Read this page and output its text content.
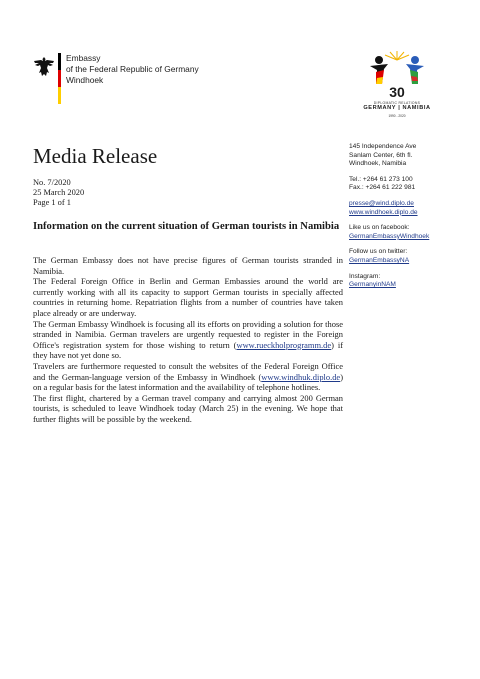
Embassy
of the Federal Republic of Germany
Windhoek
30
DIPLOMATIC RELATIONS
GERMANY | NAMIBIA
1990 - 2020
Media Release
No. 7/2020
25 March 2020
Page 1 of 1
Information on the current situation of German tourists in Namibia

The German Embassy does not have precise figures of German tourists stranded in Namibia.

The Federal Foreign Office in Berlin and German Embassies around the world are currently working with all its capacity to support German tourists in specially affected countries in returning home. Repatriation flights from a number of countries have taken place already or are underway.

The German Embassy Windhoek is focusing all its efforts on providing a solution for those stranded in Namibia. German travelers are urgently requested to register in the Foreign Office's registration system for those wishing to return (www.rueckholprogramm.de) if they have not yet done so.

Travelers are furthermore requested to consult the websites of the Federal Foreign Office and the German-language version of the Embassy in Windhoek (www.windhuk.diplo.de) on a regular basis for the latest information and the availability of telephone hotlines.

The first flight, chartered by a German travel company and carrying almost 200 German tourists, is scheduled to leave Windhoek today (March 25) in the evening. We hope that further flights will be possible by the weekend.

145 Independence Ave
Sanlam Center, 6th fl.
Windhoek, Namibia
Tel.: +264 61 273 100
Fax.: +264 61 222 981
presse@wind.diplo.de
www.windhoek.diplo.de
Like us on facebook:
GermanEmbassyWindhoek
Follow us on twitter:
GermanEmbassyNA
Instagram:
GermanyinNAM
